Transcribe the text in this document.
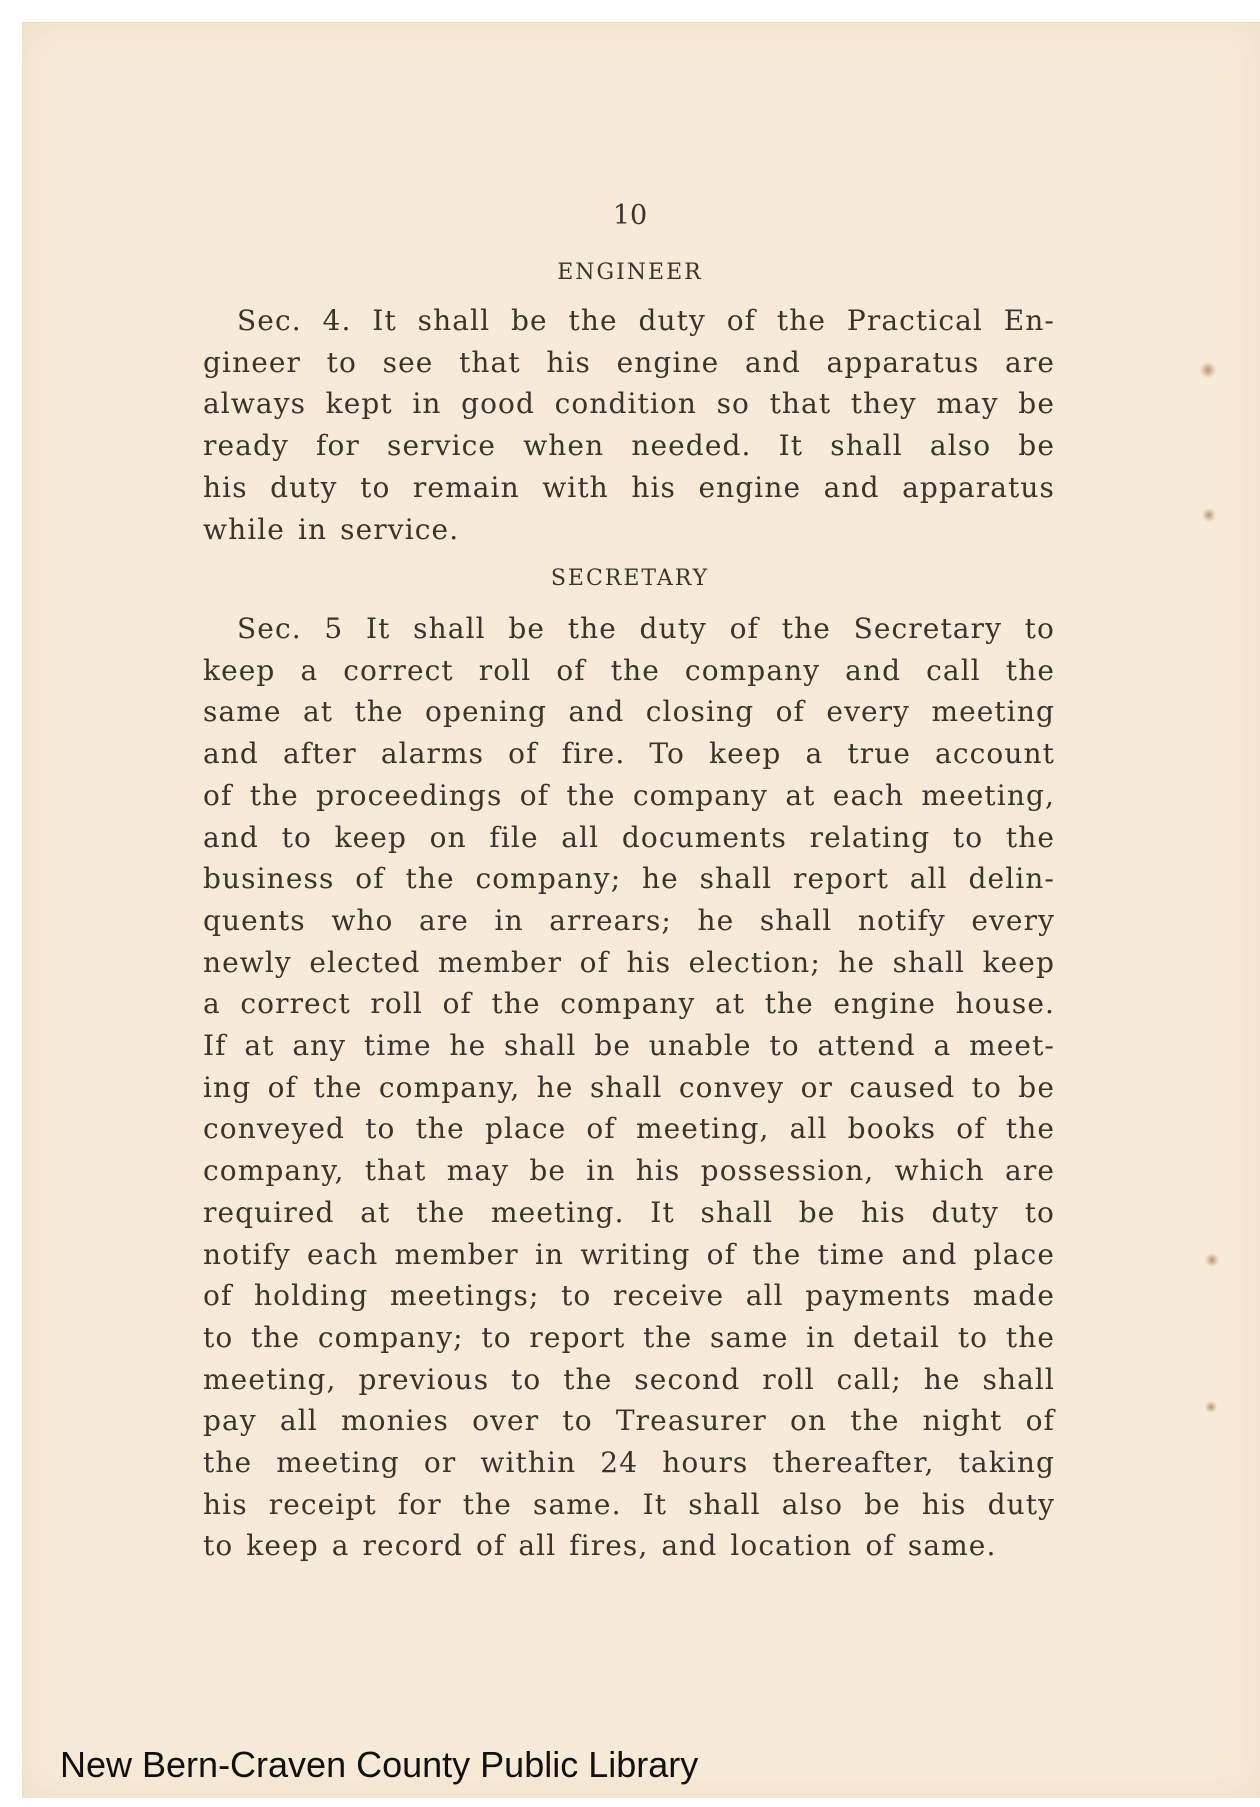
10
ENGINEER
Sec. 4. It shall be the duty of the Practical En-
gineer to see that his engine and apparatus are
always kept in good condition so that they may be
ready for service when needed. It shall also be
his duty to remain with his engine and apparatus
while in service.
SECRETARY
Sec. 5 It shall be the duty of the Secretary to
keep a correct roll of the company and call the
same at the opening and closing of every meeting
and after alarms of fire. To keep a true account
of the proceedings of the company at each meeting,
and to keep on file all documents relating to the
business of the company; he shall report all delin-
quents who are in arrears; he shall notify every
newly elected member of his election; he shall keep
a correct roll of the company at the engine house.
If at any time he shall be unable to attend a meet-
ing of the company, he shall convey or caused to be
conveyed to the place of meeting, all books of the
company, that may be in his possession, which are
required at the meeting. It shall be his duty to
notify each member in writing of the time and place
of holding meetings; to receive all payments made
to the company; to report the same in detail to the
meeting, previous to the second roll call; he shall
pay all monies over to Treasurer on the night of
the meeting or within 24 hours thereafter, taking
his receipt for the same. It shall also be his duty
to keep a record of all fires, and location of same.
New Bern-Craven County Public Library
